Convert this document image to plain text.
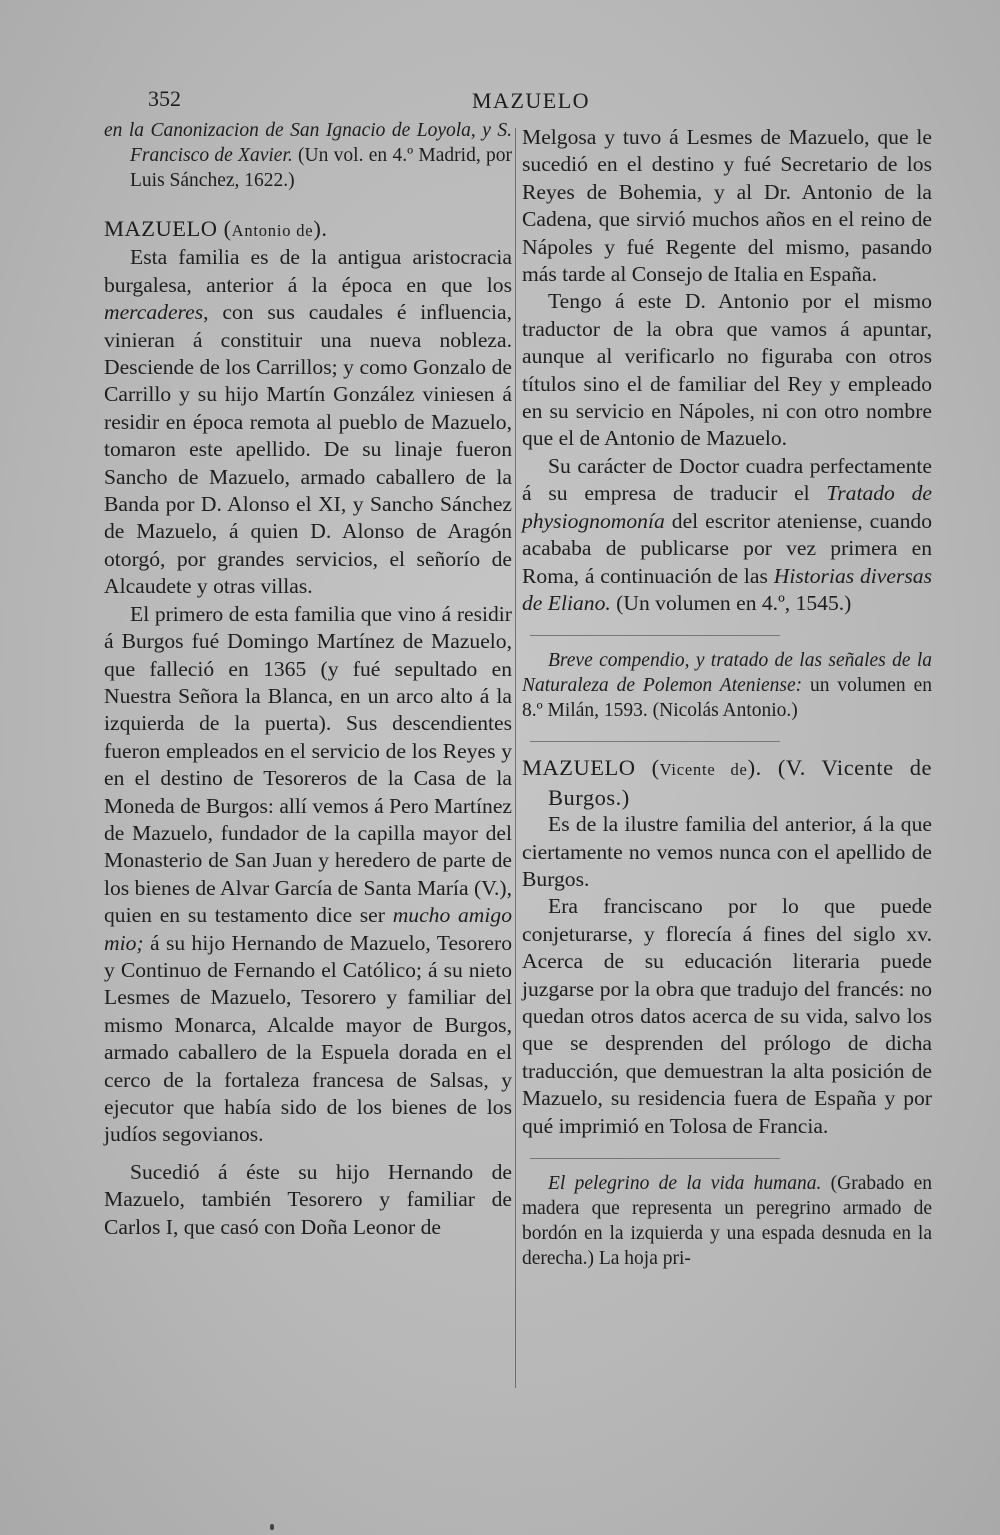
352	MAZUELO

en la Canonizacion de San Ignacio de Loyola, y S. Francisco de Xavier. (Un vol. en 4.º Madrid, por Luis Sánchez, 1622.)

MAZUELO (Antonio de).

Esta familia es de la antigua aristocracia burgalesa, anterior á la época en que los mercaderes, con sus caudales é influencia, vinieran á constituir una nueva nobleza. Desciende de los Carrillos; y como Gonzalo de Carrillo y su hijo Martín González viniesen á residir en época remota al pueblo de Mazuelo, tomaron este apellido. De su linaje fueron Sancho de Mazuelo, armado caballero de la Banda por D. Alonso el XI, y Sancho Sánchez de Mazuelo, á quien D. Alonso de Aragón otorgó, por grandes servicios, el señorío de Alcaudete y otras villas.

El primero de esta familia que vino á residir á Burgos fué Domingo Martínez de Mazuelo, que falleció en 1365 (y fué sepultado en Nuestra Señora la Blanca, en un arco alto á la izquierda de la puerta). Sus descendientes fueron empleados en el servicio de los Reyes y en el destino de Tesoreros de la Casa de la Moneda de Burgos: allí vemos á Pero Martínez de Mazuelo, fundador de la capilla mayor del Monasterio de San Juan y heredero de parte de los bienes de Alvar García de Santa María (V.), quien en su testamento dice ser mucho amigo mio; á su hijo Hernando de Mazuelo, Tesorero y Continuo de Fernando el Católico; á su nieto Lesmes de Mazuelo, Tesorero y familiar del mismo Monarca, Alcalde mayor de Burgos, armado caballero de la Espuela dorada en el cerco de la fortaleza francesa de Salsas, y ejecutor que había sido de los bienes de los judíos segovianos.

Sucedió á éste su hijo Hernando de Mazuelo, también Tesorero y familiar de Carlos I, que casó con Doña Leonor de

Melgosa y tuvo á Lesmes de Mazuelo, que le sucedió en el destino y fué Secretario de los Reyes de Bohemia, y al Dr. Antonio de la Cadena, que sirvió muchos años en el reino de Nápoles y fué Regente del mismo, pasando más tarde al Consejo de Italia en España.

Tengo á este D. Antonio por el mismo traductor de la obra que vamos á apuntar, aunque al verificarlo no figuraba con otros títulos sino el de familiar del Rey y empleado en su servicio en Nápoles, ni con otro nombre que el de Antonio de Mazuelo.

Su carácter de Doctor cuadra perfectamente á su empresa de traducir el Tratado de physiognomonía del escritor ateniense, cuando acababa de publicarse por vez primera en Roma, á continuación de las Historias diversas de Eliano. (Un volumen en 4.º, 1545.)

Breve compendio, y tratado de las señales de la Naturaleza de Polemon Ateniense: un volumen en 8.º Milán, 1593. (Nicolás Antonio.)

MAZUELO (Vicente de). (V. Vicente de Burgos.)

Es de la ilustre familia del anterior, á la que ciertamente no vemos nunca con el apellido de Burgos.

Era franciscano por lo que puede conjeturarse, y florecía á fines del siglo xv. Acerca de su educación literaria puede juzgarse por la obra que tradujo del francés: no quedan otros datos acerca de su vida, salvo los que se desprenden del prólogo de dicha traducción, que demuestran la alta posición de Mazuelo, su residencia fuera de España y por qué imprimió en Tolosa de Francia.

El pelegrino de la vida humana. (Grabado en madera que representa un peregrino armado de bordón en la izquierda y una espada desnuda en la derecha.) La hoja pri-
